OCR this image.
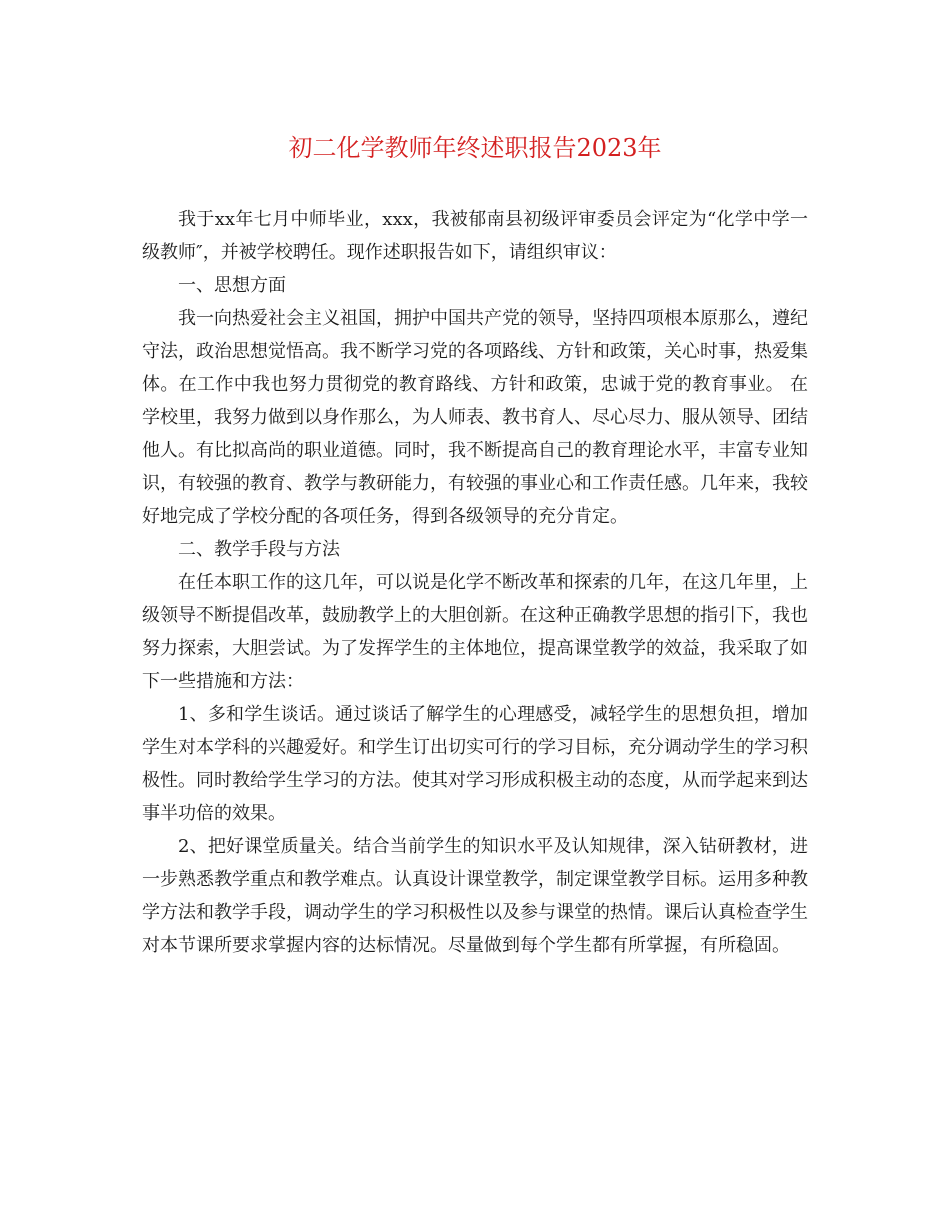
初二化学教师年终述职报告2023年

我于xx年七月中师毕业，xxx，我被郁南县初级评审委员会评定为“化学中学一级教师″，并被学校聘任。现作述职报告如下，请组织审议：

一、思想方面

我一向热爱社会主义祖国，拥护中国共产党的领导，坚持四项根本原那么，遵纪守法，政治思想觉悟高。我不断学习党的各项路线、方针和政策，关心时事，热爱集体。在工作中我也努力贯彻党的教育路线、方针和政策，忠诚于党的教育事业。 在学校里，我努力做到以身作那么，为人师表、教书育人、尽心尽力、服从领导、团结他人。有比拟高尚的职业道德。同时，我不断提高自己的教育理论水平，丰富专业知识，有较强的教育、教学与教研能力，有较强的事业心和工作责任感。几年来，我较好地完成了学校分配的各项任务，得到各级领导的充分肯定。

二、教学手段与方法

在任本职工作的这几年，可以说是化学不断改革和探索的几年，在这几年里，上级领导不断提倡改革，鼓励教学上的大胆创新。在这种正确教学思想的指引下，我也努力探索，大胆尝试。为了发挥学生的主体地位，提高课堂教学的效益，我采取了如下一些措施和方法：

1、多和学生谈话。通过谈话了解学生的心理感受，减轻学生的思想负担，增加学生对本学科的兴趣爱好。和学生订出切实可行的学习目标，充分调动学生的学习积极性。同时教给学生学习的方法。使其对学习形成积极主动的态度，从而学起来到达事半功倍的效果。

2、把好课堂质量关。结合当前学生的知识水平及认知规律，深入钻研教材，进一步熟悉教学重点和教学难点。认真设计课堂教学，制定课堂教学目标。运用多种教学方法和教学手段，调动学生的学习积极性以及参与课堂的热情。课后认真检查学生对本节课所要求掌握内容的达标情况。尽量做到每个学生都有所掌握，有所稳固。
